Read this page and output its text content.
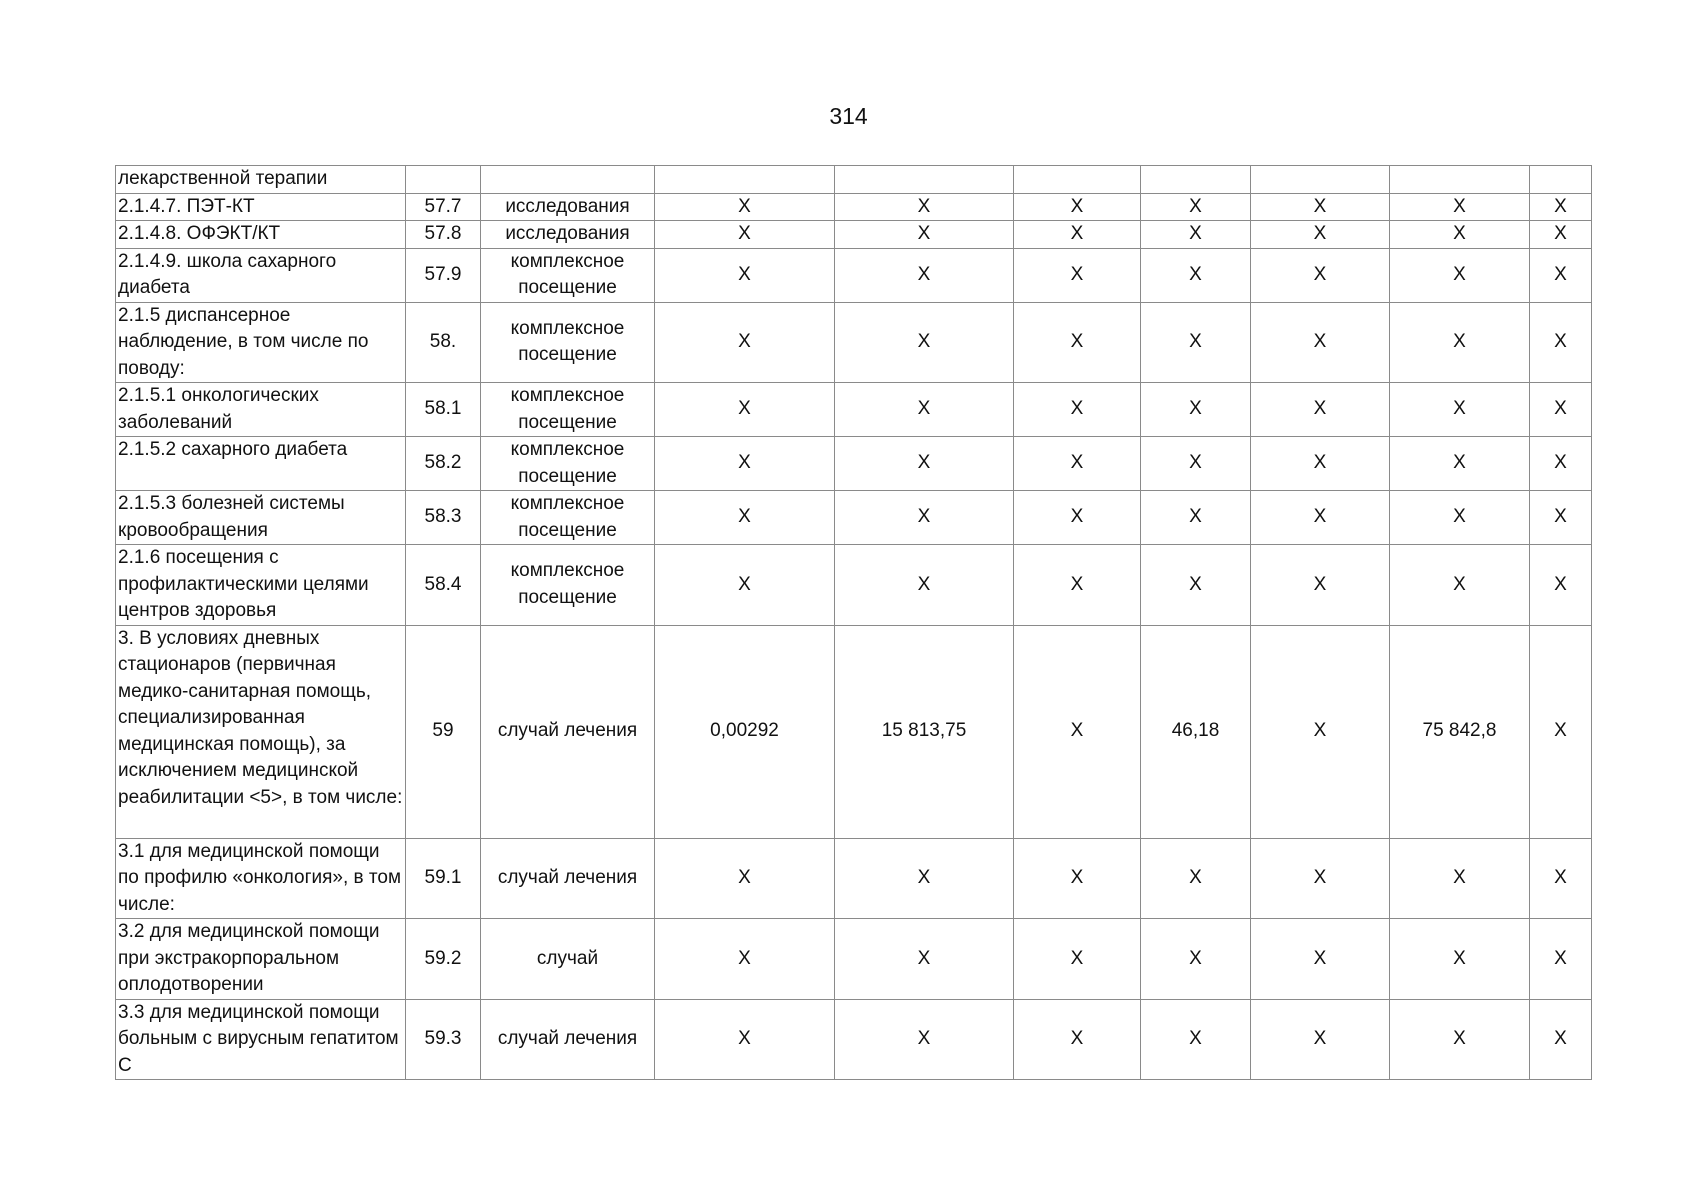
314
лекарственной терапии									
2.1.4.7. ПЭТ-КТ	57.7	исследования	X	X	X	X	X	X	X
2.1.4.8. ОФЭКТ/КТ	57.8	исследования	X	X	X	X	X	X	X
2.1.4.9. школа сахарного диабета	57.9	комплексное посещение	X	X	X	X	X	X	X
2.1.5 диспансерное наблюдение, в том числе по поводу:	58.	комплексное посещение	X	X	X	X	X	X	X
2.1.5.1 онкологических заболеваний	58.1	комплексное посещение	X	X	X	X	X	X	X
2.1.5.2 сахарного диабета	58.2	комплексное посещение	X	X	X	X	X	X	X
2.1.5.3 болезней системы кровообращения	58.3	комплексное посещение	X	X	X	X	X	X	X
2.1.6 посещения с профилактическими целями центров здоровья	58.4	комплексное посещение	X	X	X	X	X	X	X
3. В условиях дневных стационаров (первичная медико-санитарная помощь, специализированная медицинская помощь), за исключением медицинской реабилитации <5>, в том числе:	59	случай лечения	0,00292	15 813,75	X	46,18	X	75 842,8	X
3.1 для медицинской помощи по профилю «онкология», в том числе:	59.1	случай лечения	X	X	X	X	X	X	X
3.2 для медицинской помощи при экстракорпоральном оплодотворении	59.2	случай	X	X	X	X	X	X	X
3.3 для медицинской помощи больным с вирусным гепатитом С	59.3	случай лечения	X	X	X	X	X	X	X
